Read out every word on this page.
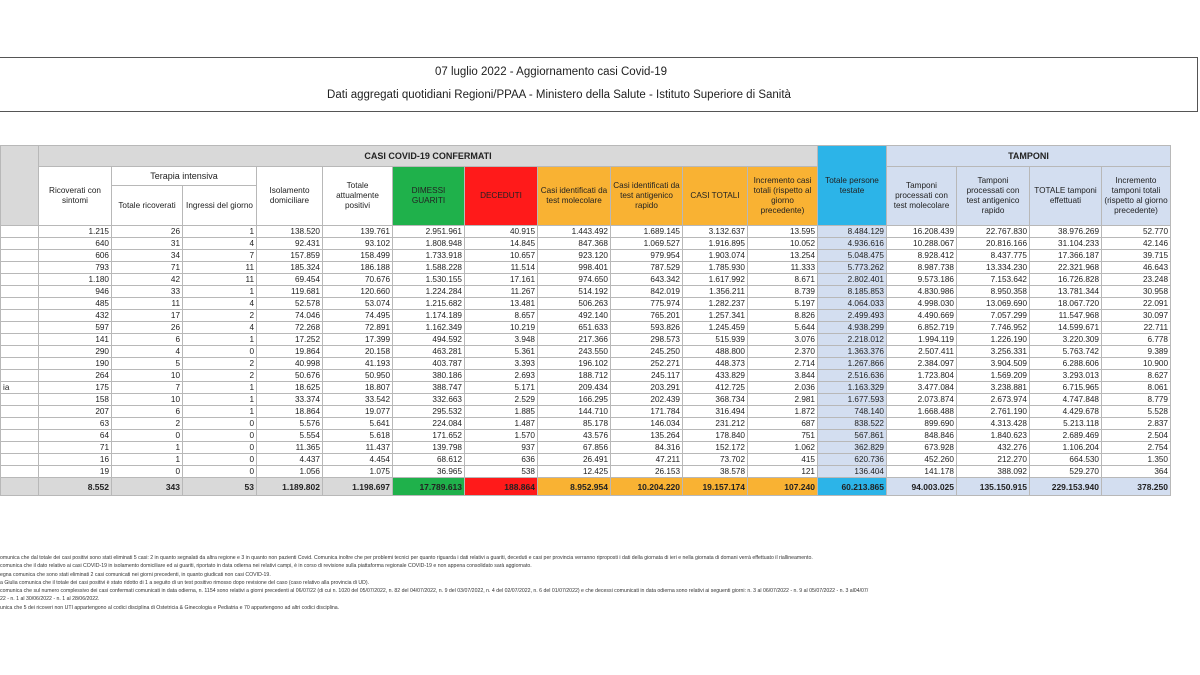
07 luglio 2022 - Aggiornamento casi Covid-19
Dati aggregati quotidiani Regioni/PPAA - Ministero della Salute - Istituto Superiore di Sanità
	CASI COVID-19 CONFERMATI											Totale persone testate	TAMPONI			
	Ricoverati con sintomi	Terapia intensiva		Isolamento domiciliare	Totale attualmente positivi	DIMESSI GUARITI	DECEDUTI	Casi identificati da test molecolare	Casi identificati da test antigenico rapido	CASI TOTALI	Incremento casi totali (rispetto al giorno precedente)		Tamponi processati con test molecolare	Tamponi processati con test antigenico rapido	TOTALE tamponi effettuati	Incremento tamponi totali (rispetto al giorno precedente)
		Totale ricoverati	Ingressi del giorno													
	1.215	26	1	138.520	139.761	2.951.961	40.915	1.443.492	1.689.145	3.132.637	13.595	8.484.129	16.208.439	22.767.830	38.976.269	52.770
	640	31	4	92.431	93.102	1.808.948	14.845	847.368	1.069.527	1.916.895	10.052	4.936.616	10.288.067	20.816.166	31.104.233	42.146
	606	34	7	157.859	158.499	1.733.918	10.657	923.120	979.954	1.903.074	13.254	5.048.475	8.928.412	8.437.775	17.366.187	39.715
	793	71	11	185.324	186.188	1.588.228	11.514	998.401	787.529	1.785.930	11.333	5.773.262	8.987.738	13.334.230	22.321.968	46.643
	1.180	42	11	69.454	70.676	1.530.155	17.161	974.650	643.342	1.617.992	8.671	2.802.401	9.573.186	7.153.642	16.726.828	23.248
	946	33	1	119.681	120.660	1.224.284	11.267	514.192	842.019	1.356.211	8.739	8.185.853	4.830.986	8.950.358	13.781.344	30.958
	485	11	4	52.578	53.074	1.215.682	13.481	506.263	775.974	1.282.237	5.197	4.064.033	4.998.030	13.069.690	18.067.720	22.091
	432	17	2	74.046	74.495	1.174.189	8.657	492.140	765.201	1.257.341	8.826	2.499.493	4.490.669	7.057.299	11.547.968	30.097
	597	26	4	72.268	72.891	1.162.349	10.219	651.633	593.826	1.245.459	5.644	4.938.299	6.852.719	7.746.952	14.599.671	22.711
	141	6	1	17.252	17.399	494.592	3.948	217.366	298.573	515.939	3.076	2.218.012	1.994.119	1.226.190	3.220.309	6.778
	290	4	0	19.864	20.158	463.281	5.361	243.550	245.250	488.800	2.370	1.363.376	2.507.411	3.256.331	5.763.742	9.389
	190	5	2	40.998	41.193	403.787	3.393	196.102	252.271	448.373	2.714	1.267.866	2.384.097	3.904.509	6.288.606	10.900
	264	10	2	50.676	50.950	380.186	2.693	188.712	245.117	433.829	3.844	2.516.636	1.723.804	1.569.209	3.293.013	8.627
ia	175	7	1	18.625	18.807	388.747	5.171	209.434	203.291	412.725	2.036	1.163.329	3.477.084	3.238.881	6.715.965	8.061
	158	10	1	33.374	33.542	332.663	2.529	166.295	202.439	368.734	2.981	1.677.593	2.073.874	2.673.974	4.747.848	8.779
	207	6	1	18.864	19.077	295.532	1.885	144.710	171.784	316.494	1.872	748.140	1.668.488	2.761.190	4.429.678	5.528
	63	2	0	5.576	5.641	224.084	1.487	85.178	146.034	231.212	687	838.522	899.690	4.313.428	5.213.118	2.837
	64	0	0	5.554	5.618	171.652	1.570	43.576	135.264	178.840	751	567.861	848.846	1.840.623	2.689.469	2.504
	71	1	0	11.365	11.437	139.798	937	67.856	84.316	152.172	1.062	362.829	673.928	432.276	1.106.204	2.754
	16	1	0	4.437	4.454	68.612	636	26.491	47.211	73.702	415	620.736	452.260	212.270	664.530	1.350
	19	0	0	1.056	1.075	36.965	538	12.425	26.153	38.578	121	136.404	141.178	388.092	529.270	364
	8.552	343	53	1.189.802	1.198.697	17.789.613	188.864	8.952.954	10.204.220	19.157.174	107.240	60.213.865	94.003.025	135.150.915	229.153.940	378.250
omunica che dal totale dei casi positivi sono stati eliminati 5 casi: 2 in quanto segnalati da altra regione e 3 in quanto non pazienti Covid. Comunica inoltre che per problemi tecnici per quanto riguarda i dati relativi a guariti, deceduti e casi per provincia verranno riproposti i dati della giornata di ieri e nella giornata di domani verrà effettuato il riallineamento.
comunica che il dato relativo ai casi COVID-19 in isolamento domiciliare ed ai guariti, riportato in data odierna nei relativi campi, è in corso di revisione sulla piattaforma regionale COVID-19 e non appena consolidato sarà aggiornato.
egna comunica che sono stati eliminati 2 casi comunicati nei giorni precedenti, in quanto giudicati non casi COVID-19.
a Giulia comunica che il totale dei casi positivi è stato ridotto di 1 a seguito di un test positivo rimosso dopo revisione del caso (caso relativo alla provincia di UD).
comunica che sul numero complessivo dei casi confermati comunicati in data odierna, n. 1154 sono relativi a giorni precedenti al 06/07/22 (di cui n. 1020 del 05/07/2022, n. 82 del 04/07/2022, n. 9 del 03/07/2022, n. 4 del 02/07/2022, n. 6 del 01/07/2022) e che decessi comunicati in data odierna sono relativi ai seguenti giorni: n. 3 al 06/07/2022 - n. 9 al 05/07/2022 - n. 3 al04/07/
22 - n. 1 al 30/06/2022 - n. 1 al 28/06/2022.
unica che 5 dei ricoveri non UTI appartengono al codici disciplina di Ostetricia & Ginecologia e Pediatria e 70 appartengono ad altri codici disciplina.
